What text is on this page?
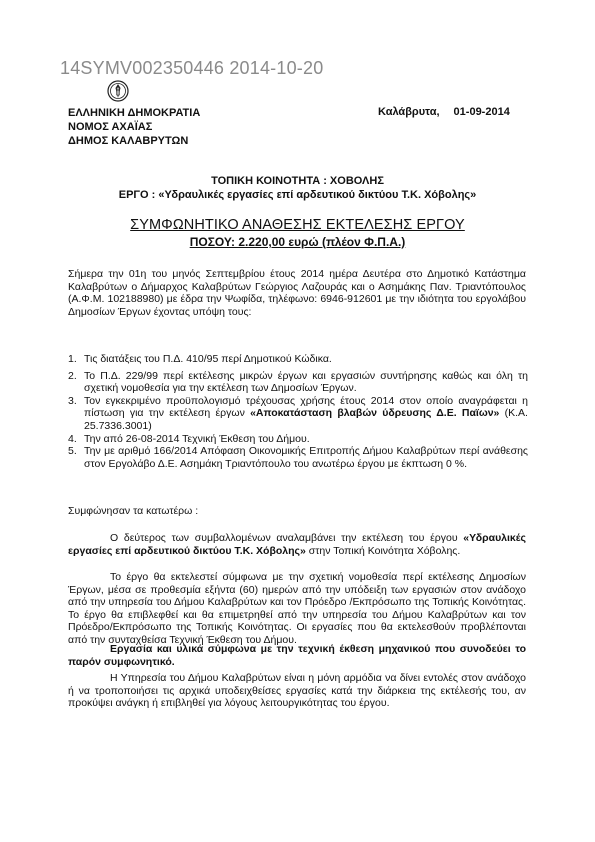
14SYMV002350446 2014-10-20
ΕΛΛΗΝΙΚΗ ΔΗΜΟΚΡΑΤΙΑ
ΝΟΜΟΣ ΑΧΑΪΑΣ
ΔΗΜΟΣ ΚΑΛΑΒΡΥΤΩΝ
Καλάβρυτα, 01-09-2014
ΤΟΠΙΚΗ ΚΟΙΝΟΤΗΤΑ : ΧΟΒΟΛΗΣ
ΕΡΓΟ : «Υδραυλικές εργασίες επί αρδευτικού δικτύου Τ.Κ. Χόβολης»
ΣΥΜΦΩΝΗΤΙΚΟ ΑΝΑΘΕΣΗΣ ΕΚΤΕΛΕΣΗΣ ΕΡΓΟΥ
ΠΟΣΟΥ: 2.220,00 ευρώ (πλέον Φ.Π.Α.)
Σήμερα την 01η του μηνός Σεπτεμβρίου έτους 2014 ημέρα Δευτέρα στο Δημοτικό Κατάστημα Καλαβρύτων ο Δήμαρχος Καλαβρύτων Γεώργιος Λαζουράς και ο Ασημάκης Παν. Τριαντόπουλος (Α.Φ.Μ. 102188980) με έδρα την Ψωφίδα, τηλέφωνο: 6946-912601 με την ιδιότητα του εργολάβου Δημοσίων Έργων έχοντας υπόψη τους:
1. Τις διατάξεις του Π.Δ. 410/95 περί Δημοτικού Κώδικα.
2. Το Π.Δ. 229/99 περί εκτέλεσης μικρών έργων και εργασιών συντήρησης καθώς και όλη τη σχετική νομοθεσία για την εκτέλεση των Δημοσίων Έργων.
3. Τον εγκεκριμένο προϋπολογισμό τρέχουσας χρήσης έτους 2014 στον οποίο αναγράφεται η πίστωση για την εκτέλεση έργων «Αποκατάσταση βλαβών ύδρευσης Δ.Ε. Παϊων» (Κ.Α. 25.7336.3001)
4. Την από 26-08-2014 Τεχνική Έκθεση του Δήμου.
5. Την με αριθμό 166/2014 Απόφαση Οικονομικής Επιτροπής Δήμου Καλαβρύτων περί ανάθεσης στον Εργολάβο Δ.Ε. Ασημάκη Τριαντόπουλο του ανωτέρω έργου με έκπτωση 0 %.
Συμφώνησαν τα κατωτέρω :
Ο δεύτερος των συμβαλλομένων αναλαμβάνει την εκτέλεση του έργου «Υδραυλικές εργασίες επί αρδευτικού δικτύου Τ.Κ. Χόβολης» στην Τοπική Κοινότητα Χόβολης.
Το έργο θα εκτελεστεί σύμφωνα με την σχετική νομοθεσία περί εκτέλεσης Δημοσίων Έργων, μέσα σε προθεσμία εξήντα (60) ημερών από την υπόδειξη των εργασιών στον ανάδοχο από την υπηρεσία του Δήμου Καλαβρύτων και τον Πρόεδρο /Εκπρόσωπο της Τοπικής Κοινότητας. Το έργο θα επιβλεφθεί και θα επιμετρηθεί από την υπηρεσία του Δήμου Καλαβρύτων και τον Πρόεδρο/Εκπρόσωπο της Τοπικής Κοινότητας. Οι εργασίες που θα εκτελεσθούν προβλέπονται από την συνταχθείσα Τεχνική Έκθεση του Δήμου.
Εργασία και υλικά σύμφωνα με την τεχνική έκθεση μηχανικού που συνοδεύει το παρόν συμφωνητικό.
Η Υπηρεσία του Δήμου Καλαβρύτων είναι η μόνη αρμόδια να δίνει εντολές στον ανάδοχο ή να τροποποιήσει τις αρχικά υποδειχθείσες εργασίες κατά την διάρκεια της εκτέλεσής του, αν προκύψει ανάγκη ή επιβληθεί για λόγους λειτουργικότητας του έργου.
